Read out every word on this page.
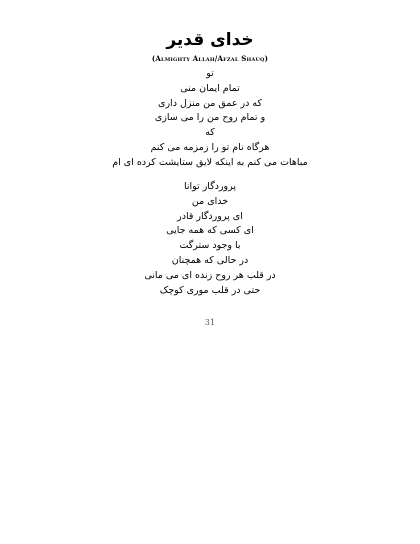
خدای قدیر
(Almighty Allah/Afzal Shauq)
تو
تمام ایمان منی
که در عمق من منزل داری
و تمام روح من را می سازی
که
هرگاه نام تو را زمزمه می کنم
مباهات می کنم به اینکه لایق ستایشت کرده ای ام
پروردگار توانا
خدای من
ای پروردگار قادر
ای کسی که همه جایی
با وجود سترگت
در حالی که همچنان
در قلب هر روح زنده ای می مانی
حتی در قلب موری کوچک
31
